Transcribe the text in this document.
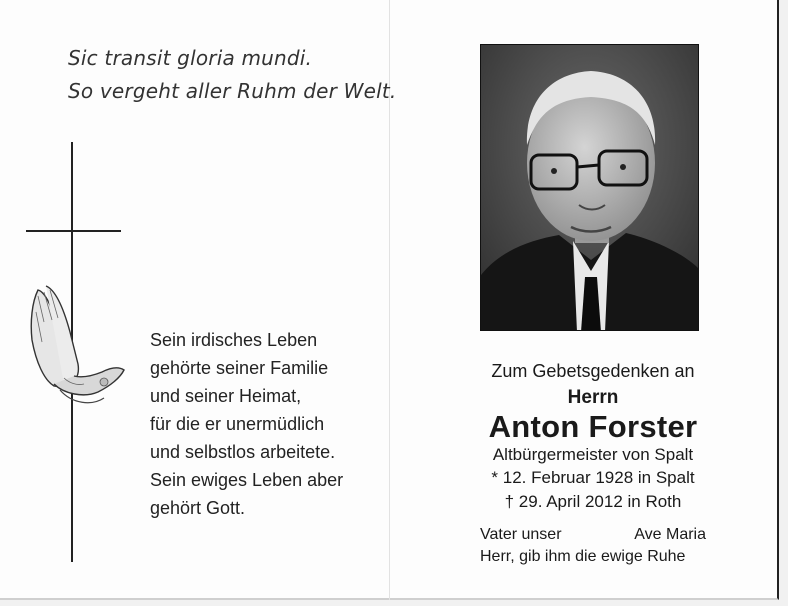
Sic transit gloria mundi.
So vergeht aller Ruhm der Welt.
Sein irdisches Leben
gehörte seiner Familie
und seiner Heimat,
für die er unermüdlich
und selbstlos arbeitete.
Sein ewiges Leben aber
gehört Gott.
Zum Gebetsgedenken an
Herrn
Anton Forster
Altbürgermeister von Spalt
* 12. Februar 1928 in Spalt
† 29. April 2012 in Roth
Vater unser	Ave Maria
Herr, gib ihm die ewige Ruhe
